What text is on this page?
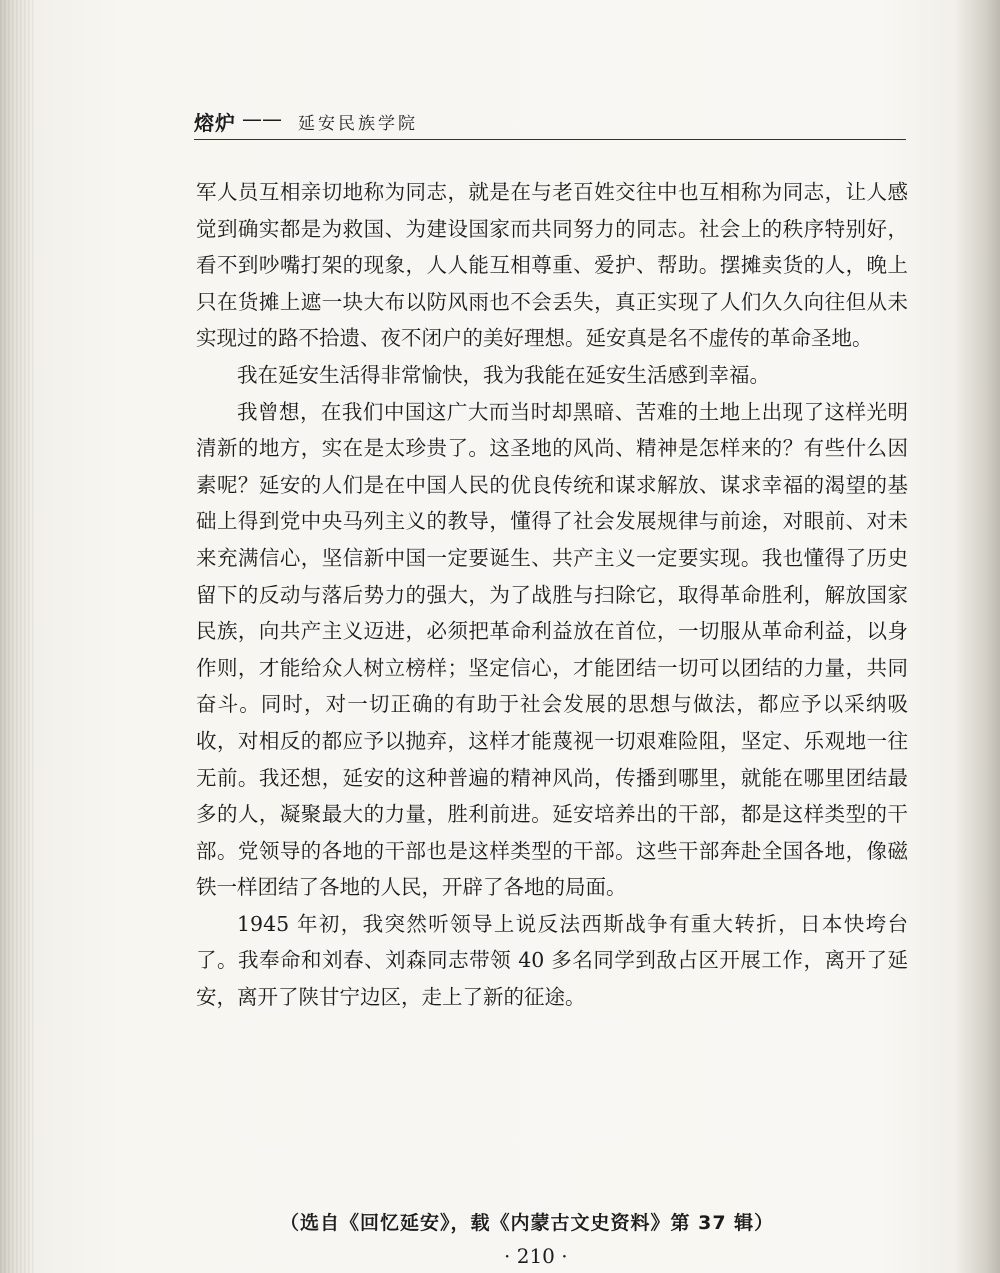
熔炉 —— 延安民族学院

军人员互相亲切地称为同志，就是在与老百姓交往中也互相称为同志，让人感觉到确实都是为救国、为建设国家而共同努力的同志。社会上的秩序特别好，看不到吵嘴打架的现象，人人能互相尊重、爱护、帮助。摆摊卖货的人，晚上只在货摊上遮一块大布以防风雨也不会丢失，真正实现了人们久久向往但从未实现过的路不拾遗、夜不闭户的美好理想。延安真是名不虚传的革命圣地。

我在延安生活得非常愉快，我为我能在延安生活感到幸福。

我曾想，在我们中国这广大而当时却黑暗、苦难的土地上出现了这样光明清新的地方，实在是太珍贵了。这圣地的风尚、精神是怎样来的？有些什么因素呢？延安的人们是在中国人民的优良传统和谋求解放、谋求幸福的渴望的基础上得到党中央马列主义的教导，懂得了社会发展规律与前途，对眼前、对未来充满信心，坚信新中国一定要诞生、共产主义一定要实现。我也懂得了历史留下的反动与落后势力的强大，为了战胜与扫除它，取得革命胜利，解放国家民族，向共产主义迈进，必须把革命利益放在首位，一切服从革命利益，以身作则，才能给众人树立榜样；坚定信心，才能团结一切可以团结的力量，共同奋斗。同时，对一切正确的有助于社会发展的思想与做法，都应予以采纳吸收，对相反的都应予以抛弃，这样才能蔑视一切艰难险阻，坚定、乐观地一往无前。我还想，延安的这种普遍的精神风尚，传播到哪里，就能在哪里团结最多的人，凝聚最大的力量，胜利前进。延安培养出的干部，都是这样类型的干部。党领导的各地的干部也是这样类型的干部。这些干部奔赴全国各地，像磁铁一样团结了各地的人民，开辟了各地的局面。

1945 年初，我突然听领导上说反法西斯战争有重大转折，日本快垮台了。我奉命和刘春、刘森同志带领 40 多名同学到敌占区开展工作，离开了延安，离开了陕甘宁边区，走上了新的征途。

（选自《回忆延安》，载《内蒙古文史资料》第 37 辑）
· 210 ·
